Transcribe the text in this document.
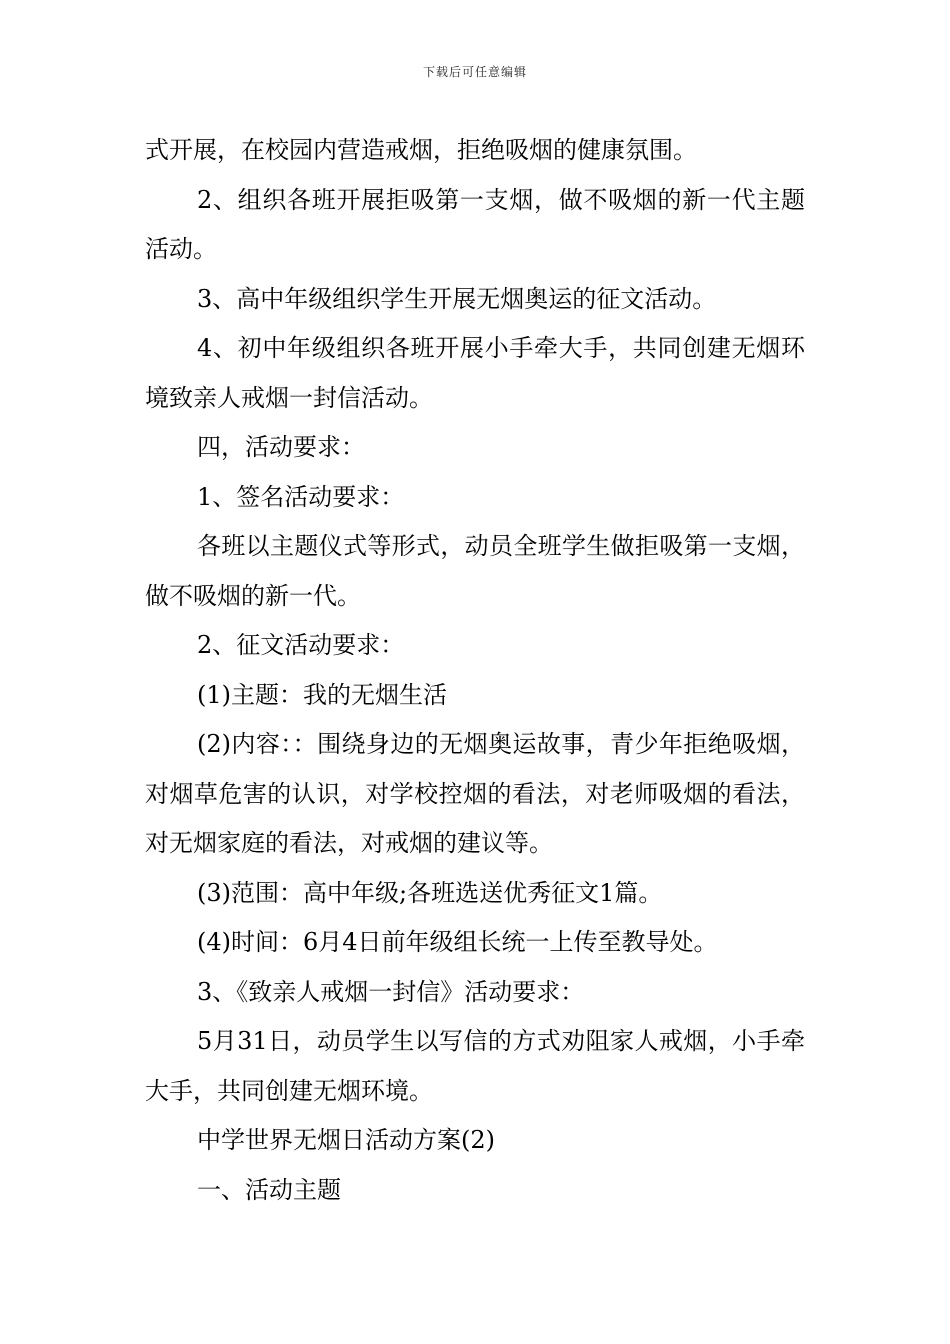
下载后可任意编辑

式开展，在校园内营造戒烟，拒绝吸烟的健康氛围。

2、组织各班开展拒吸第一支烟，做不吸烟的新一代主题活动。

3、高中年级组织学生开展无烟奥运的征文活动。

4、初中年级组织各班开展小手牵大手，共同创建无烟环境致亲人戒烟一封信活动。

四，活动要求：

1、签名活动要求：

各班以主题仪式等形式，动员全班学生做拒吸第一支烟，做不吸烟的新一代。

2、征文活动要求：

(1)主题：我的无烟生活

(2)内容：：围绕身边的无烟奥运故事，青少年拒绝吸烟，对烟草危害的认识，对学校控烟的看法，对老师吸烟的看法，对无烟家庭的看法，对戒烟的建议等。

(3)范围：高中年级;各班选送优秀征文1篇。

(4)时间：6月4日前年级组长统一上传至教导处。

3、《致亲人戒烟一封信》活动要求：

5月31日，动员学生以写信的方式劝阻家人戒烟，小手牵大手，共同创建无烟环境。

中学世界无烟日活动方案(2)

一、活动主题
